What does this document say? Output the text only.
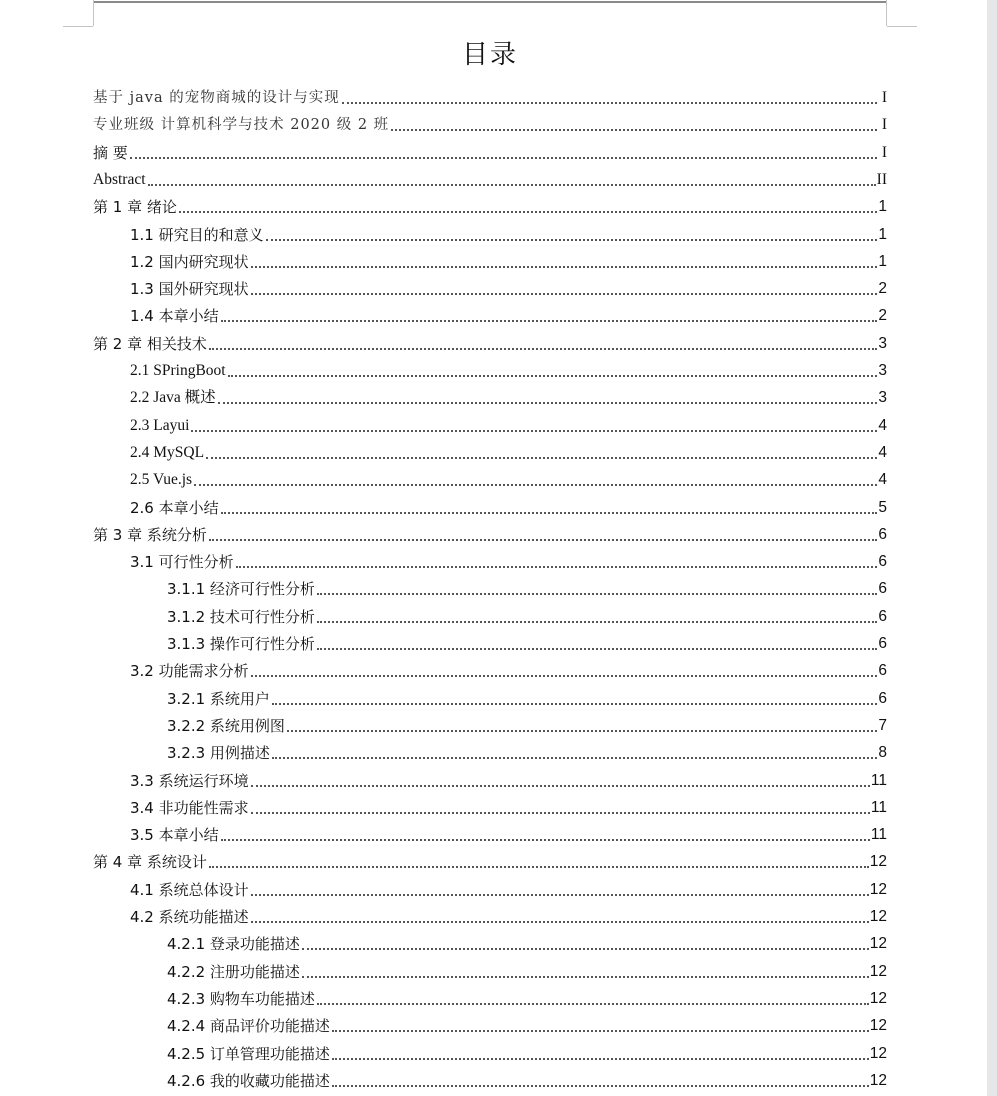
目录
基于 java 的宠物商城的设计与实现	I
专业班级 计算机科学与技术 2020 级 2 班	I
摘 要	I
Abstract	II
第 1 章 绪论	1
1.1 研究目的和意义	1
1.2 国内研究现状	1
1.3 国外研究现状	2
1.4 本章小结	2
第 2 章 相关技术	3
2.1 SPringBoot	3
2.2 Java 概述	3
2.3 Layui	4
2.4 MySQL	4
2.5 Vue.js	4
2.6 本章小结	5
第 3 章 系统分析	6
3.1 可行性分析	6
3.1.1 经济可行性分析	6
3.1.2 技术可行性分析	6
3.1.3 操作可行性分析	6
3.2 功能需求分析	6
3.2.1 系统用户	6
3.2.2 系统用例图	7
3.2.3 用例描述	8
3.3 系统运行环境	11
3.4 非功能性需求	11
3.5 本章小结	11
第 4 章 系统设计	12
4.1 系统总体设计	12
4.2 系统功能描述	12
4.2.1 登录功能描述	12
4.2.2 注册功能描述	12
4.2.3 购物车功能描述	12
4.2.4 商品评价功能描述	12
4.2.5 订单管理功能描述	12
4.2.6 我的收藏功能描述	12
